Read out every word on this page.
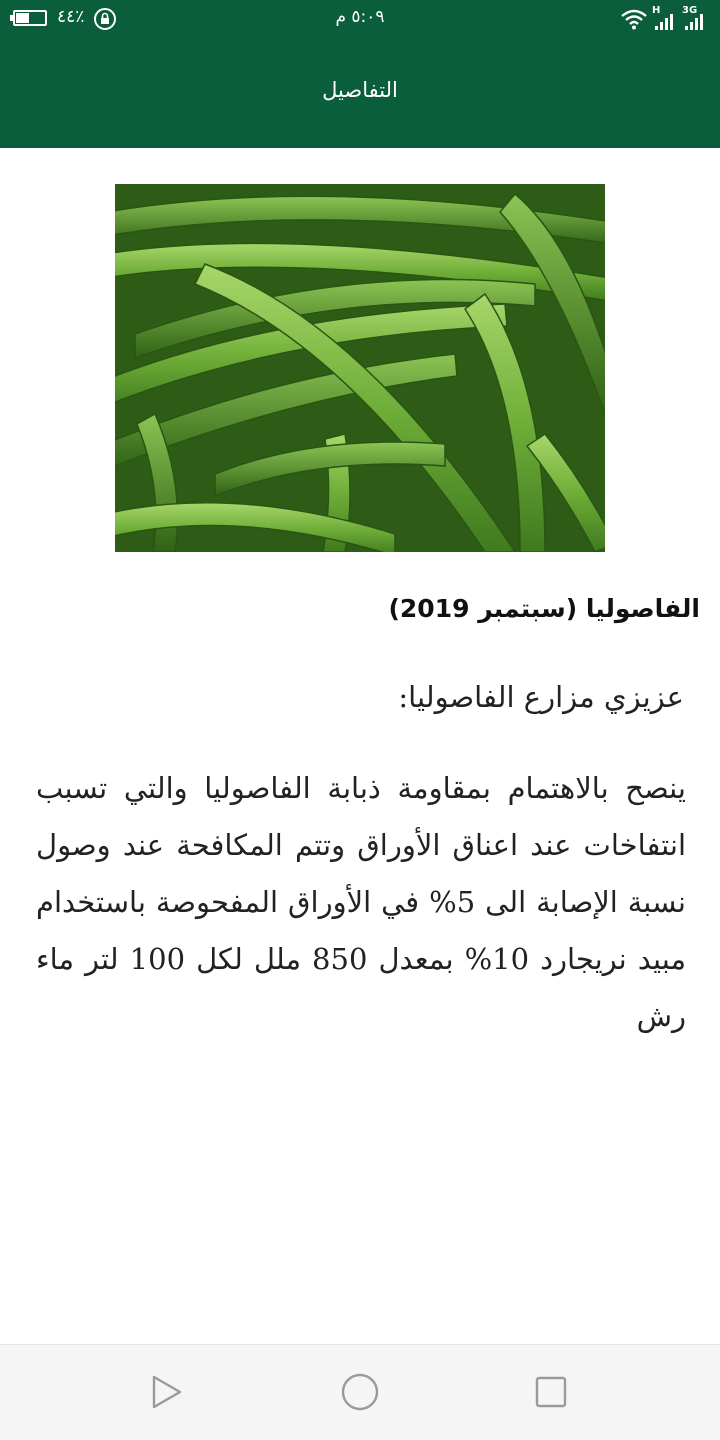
٪٤٤	٥:٠٩ م	H 3G
التفاصيل
الفاصوليا (سبتمبر 2019)
عزيزي مزارع الفاصوليا:
ينصح بالاهتمام بمقاومة ذبابة الفاصوليا والتي تسبب انتفاخات عند اعناق الأوراق وتتم المكافحة عند وصول نسبة الإصابة الى 5% في الأوراق المفحوصة باستخدام مبيد نريجارد 10% بمعدل 850 ملل لكل 100 لتر ماء رش
